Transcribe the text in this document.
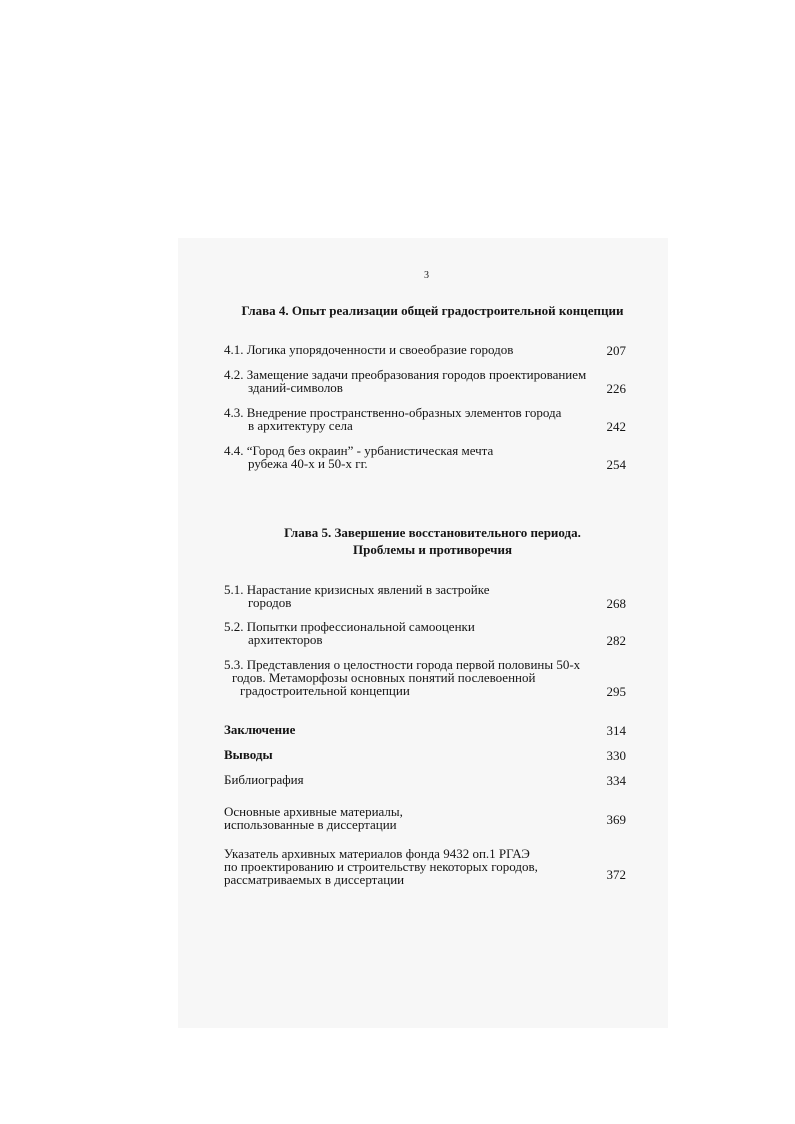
3
Глава 4. Опыт реализации общей градостроительной концепции
4.1. Логика упорядоченности и своеобразие городов	207
4.2. Замещение задачи преобразования городов проектированием
зданий-символов	226
4.3. Внедрение пространственно-образных элементов города
в архитектуру села	242
4.4. “Город без окраин” - урбанистическая мечта
рубежа 40-х и 50-х гг.	254
Глава 5. Завершение восстановительного периода.
Проблемы и противоречия
5.1. Нарастание кризисных явлений в застройке
городов	268
5.2. Попытки профессиональной самооценки
архитекторов	282
5.3. Представления о целостности города первой половины 50-х
годов. Метаморфозы основных понятий послевоенной
градостроительной концепции	295
Заключение	314
Выводы	330
Библиография	334
Основные архивные материалы,
использованные в диссертации	369
Указатель архивных материалов фонда 9432 оп.1 РГАЭ
по проектированию и строительству некоторых городов,
рассматриваемых в диссертации	372
